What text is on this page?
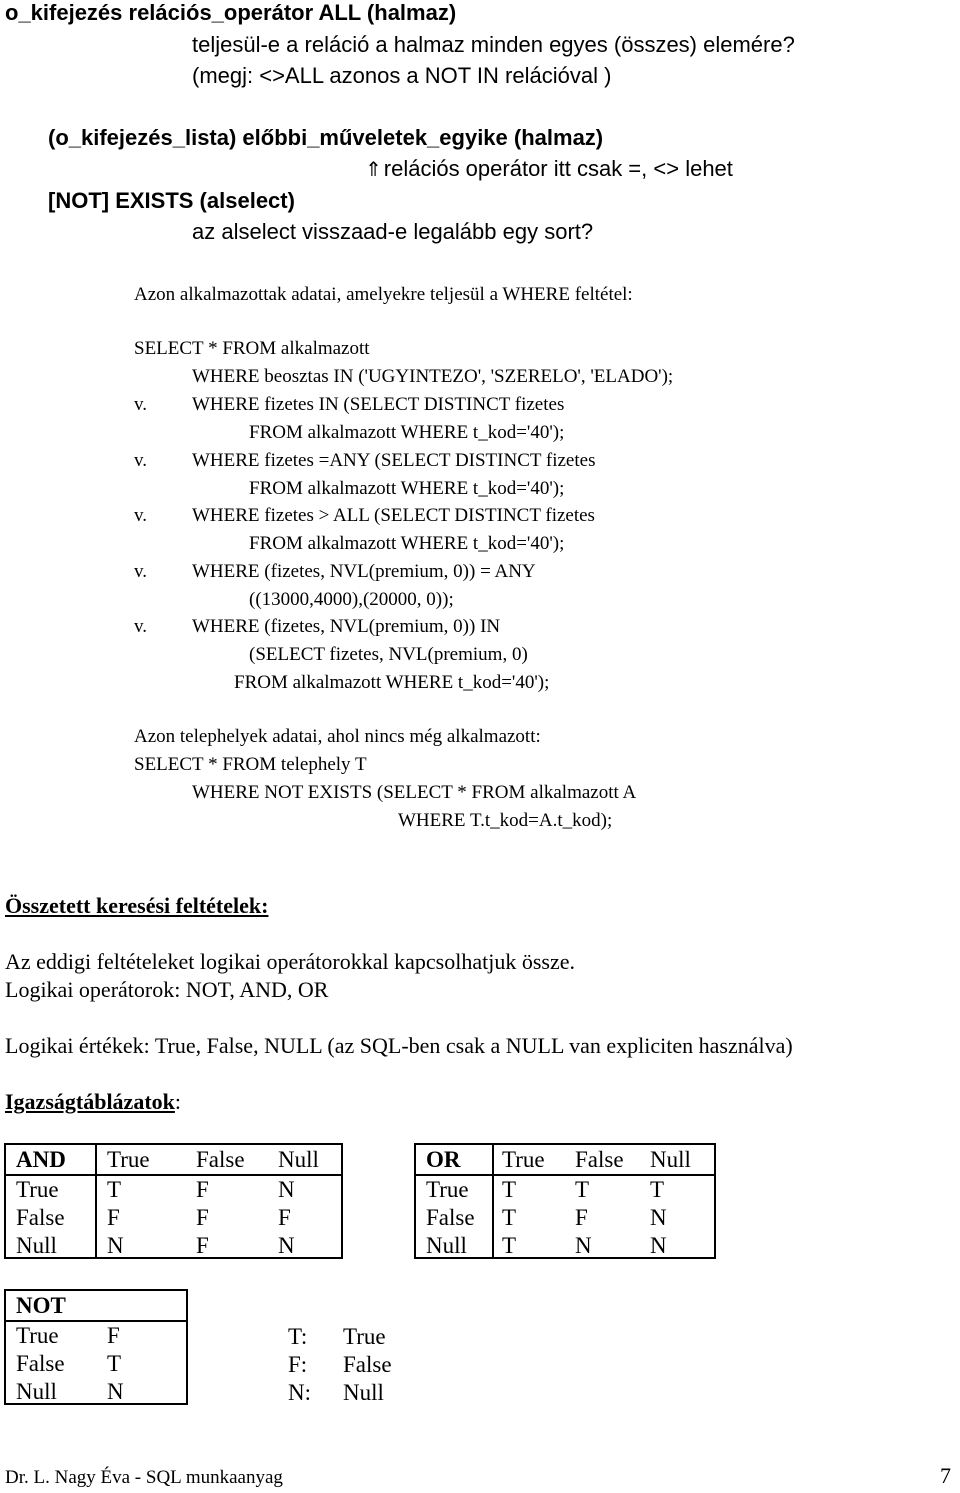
o_kifejezés relációs_operátor ALL (halmaz)
teljesül-e a reláció a halmaz minden egyes (összes) elemére?
(megj: <>ALL azonos a NOT IN relációval )
(o_kifejezés_lista) előbbi_műveletek_egyike (halmaz)
⇑relációs operátor itt csak =, <> lehet
[NOT] EXISTS (alselect)
az alselect visszaad-e legalább egy sort?
Azon alkalmazottak adatai, amelyekre teljesül a WHERE feltétel:
SELECT * FROM alkalmazott
WHERE beosztas IN ('UGYINTEZO', 'SZERELO', 'ELADO');
v. WHERE fizetes IN (SELECT DISTINCT fizetes
FROM alkalmazott WHERE t_kod='40');
v. WHERE fizetes =ANY (SELECT DISTINCT fizetes
FROM alkalmazott WHERE t_kod='40');
v. WHERE fizetes > ALL (SELECT DISTINCT fizetes
FROM alkalmazott WHERE t_kod='40');
v. WHERE (fizetes, NVL(premium, 0)) = ANY
((13000,4000),(20000, 0));
v. WHERE (fizetes, NVL(premium, 0)) IN
(SELECT fizetes, NVL(premium, 0)
FROM alkalmazott WHERE t_kod='40');
Azon telephelyek adatai, ahol nincs még alkalmazott:
SELECT * FROM telephely T
WHERE NOT EXISTS (SELECT * FROM alkalmazott A
WHERE T.t_kod=A.t_kod);
Összetett keresési feltételek:
Az eddigi feltételeket logikai operátorokkal kapcsolhatjuk össze.
Logikai operátorok: NOT, AND, OR
Logikai értékek: True, False, NULL (az SQL-ben csak a NULL van expliciten használva)
Igazságtáblázatok:
AND True False Null
True T	F	N
False F	F	F
Null N	F	N
OR True False Null
True T	T	T
False T	F	N
Null T	N	N
NOT
True F
False T
Null N
T: True
F: False
N: Null
Dr. L. Nagy Éva - SQL munkaanyag	7
